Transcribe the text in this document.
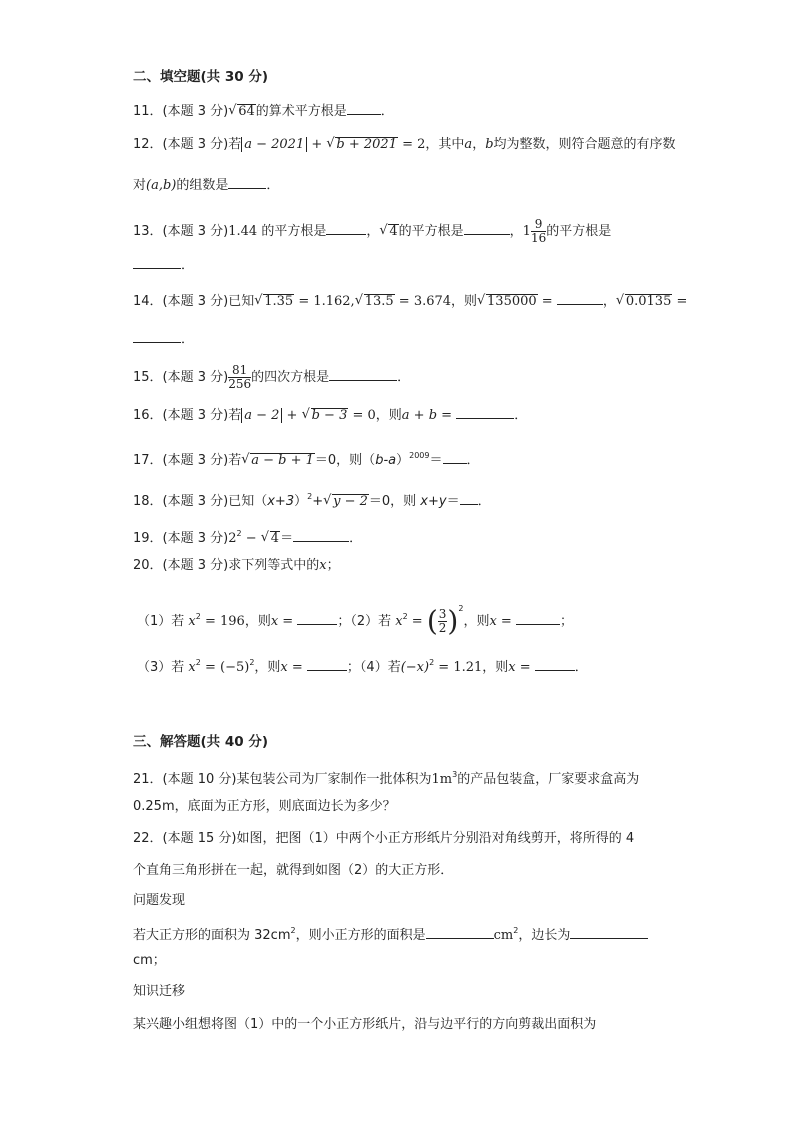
二、填空题(共 30 分)
11．(本题 3 分)√ 64的算术平方根是	．
12．(本题 3 分)若 a − 2021 + √ b + 2021 = 2，其中a，b均为整数，则符合题意的有序数
对(a,b)的组数是	．
13．(本题 3 分)1.44 的平方根是	，√ 4的平方根是	，$1 \frac{9}{16}$ 的平方根是
．
14．(本题 3 分)已知√ 1.35 = 1.162,√ 13.5 = 3.674，则√ 135000 =	，√ 0.0135 =
．
15．(本题 3 分) $\frac{81}{256}$ 的四次方根是	．
16．(本题 3 分)若 a − 2 + √ b − 3 = 0，则a + b =	．
17．(本题 3 分)若√ a − b + 1＝0，则$(b-a)^{2009}=$ ．
18．(本题 3 分)已知$(x+3)^2+√$ y − 2＝0，则 x+y＝ ．
19．(本题 3 分)$2^2$ − √ 4＝	．
20．(本题 3 分)求下列等式中的x；
（1）若 $x^2 = 196$，则x =	；（2）若 $x^2$ = ( $\frac{3}{2} )^2$，则x =	；
（3）若 $x^2 = (-5)^2$，则x =	；（4）若$(-x)^2 = 1.21$，则x =	．
三、解答题(共 40 分)
21．(本题 10 分)某包装公司为厂家制作一批体积为$1m^3$的产品包装盒，厂家要求盒高为
0.25m，底面为正方形，则底面边长为多少？
22．(本题 15 分)如图，把图（1）中两个小正方形纸片分别沿对角线剪开，将所得的 4
个直角三角形拼在一起，就得到如图（2）的大正方形．
问题发现
若大正方形的面积为 $32cm^2$，则小正方形的面积是	$cm^2$，边长为
cm；
知识迁移
某兴趣小组想将图（1）中的一个小正方形纸片，沿与边平行的方向剪裁出面积为
